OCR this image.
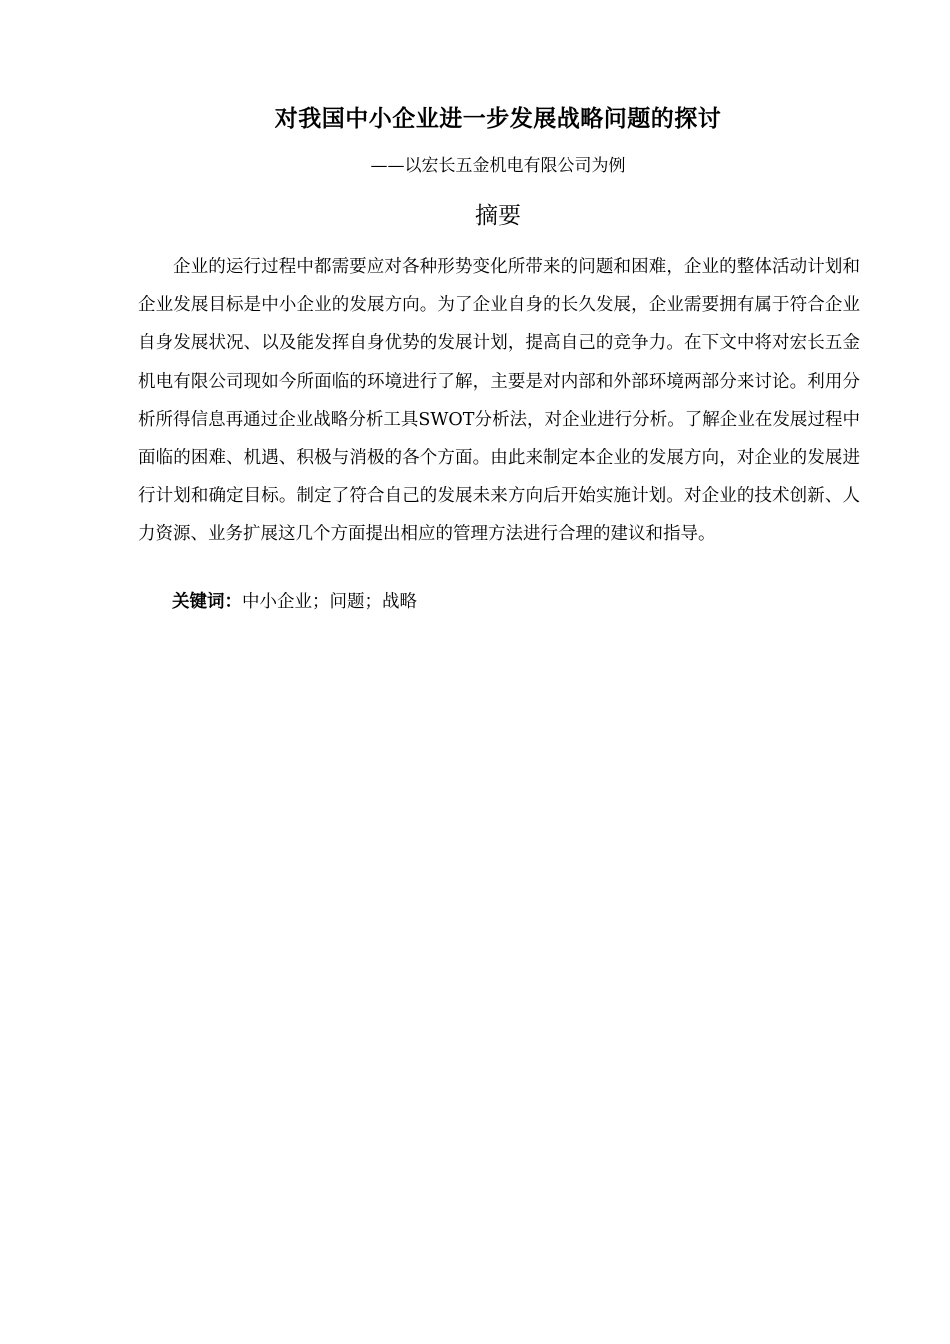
对我国中小企业进一步发展战略问题的探讨
——以宏长五金机电有限公司为例
摘要

企业的运行过程中都需要应对各种形势变化所带来的问题和困难，企业的整体活动计划和企业发展目标是中小企业的发展方向。为了企业自身的长久发展，企业需要拥有属于符合企业自身发展状况、以及能发挥自身优势的发展计划，提高自己的竞争力。在下文中将对宏长五金机电有限公司现如今所面临的环境进行了解，主要是对内部和外部环境两部分来讨论。利用分析所得信息再通过企业战略分析工具SWOT分析法，对企业进行分析。了解企业在发展过程中面临的困难、机遇、积极与消极的各个方面。由此来制定本企业的发展方向，对企业的发展进行计划和确定目标。制定了符合自己的发展未来方向后开始实施计划。对企业的技术创新、人力资源、业务扩展这几个方面提出相应的管理方法进行合理的建议和指导。

关键词：中小企业；问题；战略
